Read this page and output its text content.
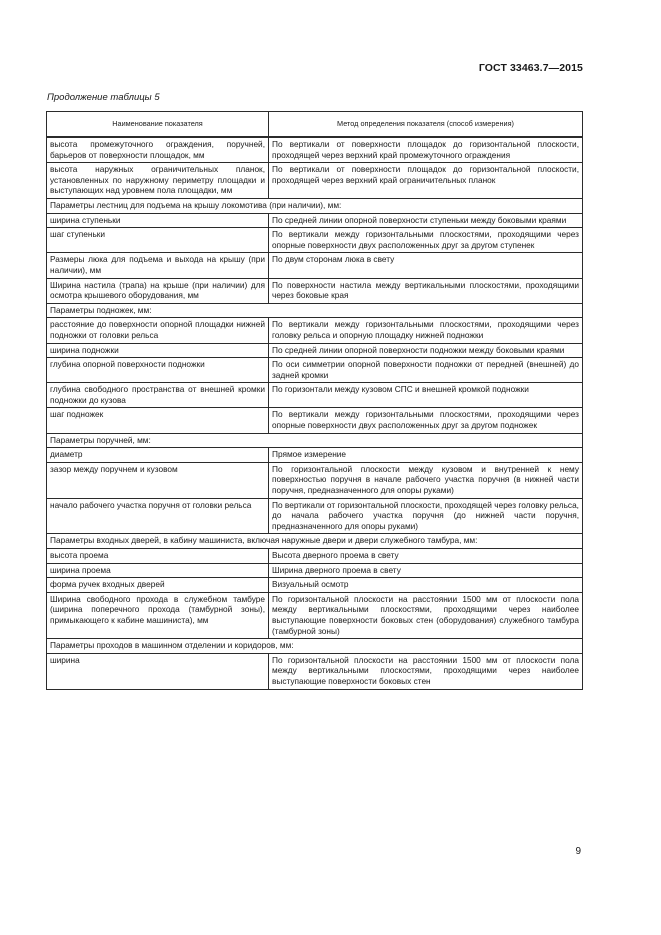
ГОСТ 33463.7—2015
Продолжение таблицы 5
Наименование показателя	Метод определения показателя (способ измерения)
высота промежуточного ограждения, поручней, барьеров от поверхности площадок, мм	По вертикали от поверхности площадок до горизонтальной плоскости, проходящей через верхний край промежуточного ограждения
высота наружных ограничительных планок, установленных по наружному периметру площадки и выступающих над уровнем пола площадки, мм	По вертикали от поверхности площадок до горизонтальной плоскости, проходящей через верхний край ограничительных планок
Параметры лестниц для подъема на крышу локомотива (при наличии), мм:	
ширина ступеньки	По средней линии опорной поверхности ступеньки между боковыми краями
шаг ступеньки	По вертикали между горизонтальными плоскостями, проходящими через опорные поверхности двух расположенных друг за другом ступенек
Размеры люка для подъема и выхода на крышу (при наличии), мм	По двум сторонам люка в свету
Ширина настила (трапа) на крыше (при наличии) для осмотра крышевого оборудования, мм	По поверхности настила между вертикальными плоскостями, проходящими через боковые края
Параметры подножек, мм:	
расстояние до поверхности опорной площадки нижней подножки от головки рельса	По вертикали между горизонтальными плоскостями, проходящими через головку рельса и опорную площадку нижней подножки
ширина подножки	По средней линии опорной поверхности подножки между боковыми краями
глубина опорной поверхности подножки	По оси симметрии опорной поверхности подножки от передней (внешней) до задней кромки
глубина свободного пространства от внешней кромки подножки до кузова	По горизонтали между кузовом СПС и внешней кромкой подножки
шаг подножек	По вертикали между горизонтальными плоскостями, проходящими через опорные поверхности двух расположенных друг за другом подножек
Параметры поручней, мм:	
диаметр	Прямое измерение
зазор между поручнем и кузовом	По горизонтальной плоскости между кузовом и внутренней к нему поверхностью поручня в начале рабочего участка поручня (в нижней части поручня, предназначенного для опоры руками)
начало рабочего участка поручня от головки рельса	По вертикали от горизонтальной плоскости, проходящей через головку рельса, до начала рабочего участка поручня (до нижней части поручня, предназначенного для опоры руками)
Параметры входных дверей, в кабину машиниста, включая наружные двери и двери служебного тамбура, мм:	
высота проема	Высота дверного проема в свету
ширина проема	Ширина дверного проема в свету
форма ручек входных дверей	Визуальный осмотр
Ширина свободного прохода в служебном тамбуре (ширина поперечного прохода (тамбурной зоны), примыкающего к кабине машиниста), мм	По горизонтальной плоскости на расстоянии 1500 мм от плоскости пола между вертикальными плоскостями, проходящими через наиболее выступающие поверхности боковых стен (оборудования) служебного тамбура (тамбурной зоны)
Параметры проходов в машинном отделении и коридоров, мм:	
ширина	По горизонтальной плоскости на расстоянии 1500 мм от плоскости пола между вертикальными плоскостями, проходящими через наиболее выступающие поверхности боковых стен
9
